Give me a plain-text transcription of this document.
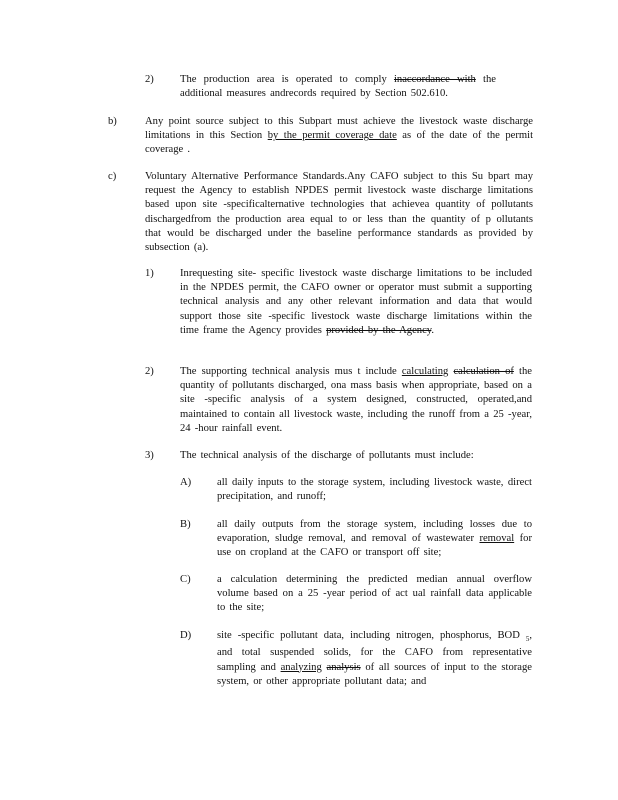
2) The production area is operated to comply inaccordance with the additional measures andrecords required by Section 502.610.
b)	Any point source subject to this Subpart must achieve the livestock waste discharge limitations in this Section by the permit coverage date as of the date of the permit coverage .
c)	Voluntary Alternative Performance Standards.Any CAFO subject to this Su bpart may request the Agency to establish NPDES permit livestock waste discharge limitations based upon site -specificalternative technologies that achievea quantity of pollutants dischargedfrom the production area equal to or less than the quantity of p ollutants that would be discharged under the baseline performance standards as provided by subsection (a).
1) Inrequesting site- specific livestock waste discharge limitations to be included in the NPDES permit, the CAFO owner or operator must submit a supporting technical analysis and any other relevant information and data that would support those site -specific livestock waste discharge limitations within the time frame the Agency provides provided by the Agency.
2) The supporting technical analysis mus t include calculating calculation of the quantity of pollutants discharged, ona mass basis when appropriate, based on a site -specific analysis of a system designed, constructed, operated,and maintained to contain all livestock waste, including the runoff from a 25 -year, 24 -hour rainfall event.
3) The technical analysis of the discharge of pollutants must include:
A) all daily inputs to the storage system, including livestock waste, direct precipitation, and runoff;
B) all daily outputs from the storage system, including losses due to evaporation, sludge removal, and removal of wastewater removal for use on cropland at the CAFO or transport off site;
C) a calculation determining the predicted median annual overflow volume based on a 25 -year period of act ual rainfall data applicable to the site;
D) site -specific pollutant data, including nitrogen, phosphorus, BOD $_5$, and total suspended solids, for the CAFO from representative sampling and analyzing analysis of all sources of input to the storage system, or other appropriate pollutant data; and
